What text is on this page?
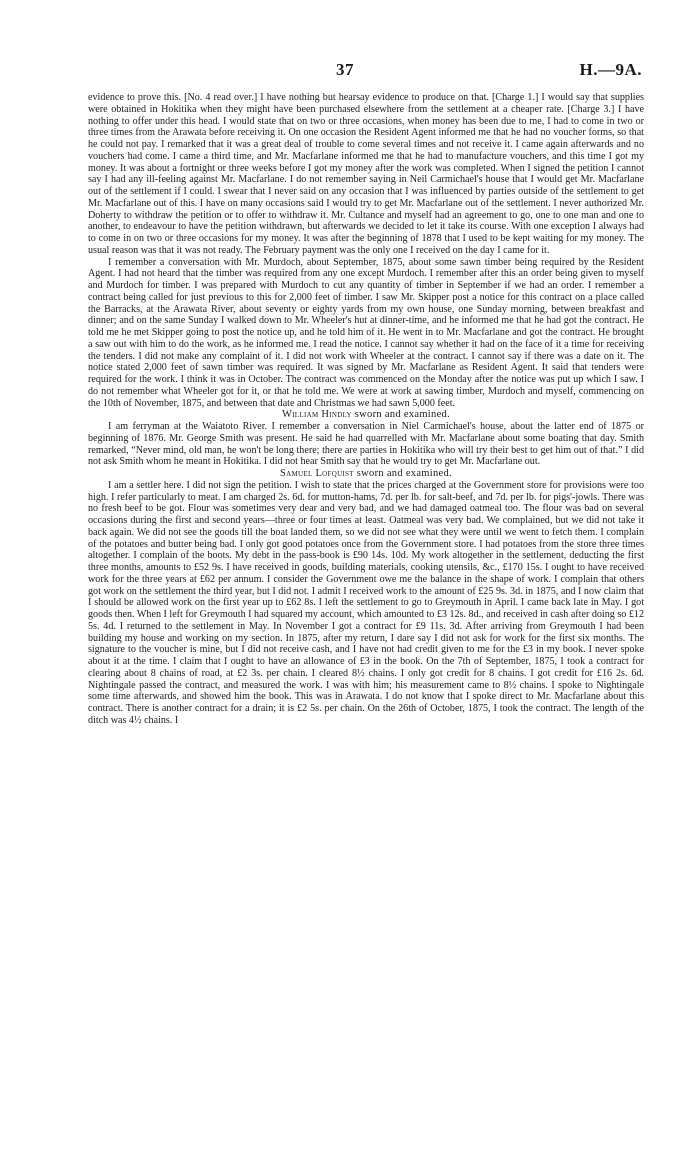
37	H.—9A.

evidence to prove this. [No. 4 read over.] I have nothing but hearsay evidence to produce on that. [Charge 1.] I would say that supplies were obtained in Hokitika when they might have been purchased elsewhere from the settlement at a cheaper rate. [Charge 3.] I have nothing to offer under this head. I would state that on two or three occasions, when money has been due to me, I had to come in two or three times from the Arawata before receiving it. On one occasion the Resident Agent informed me that he had no voucher forms, so that he could not pay. I remarked that it was a great deal of trouble to come several times and not receive it. I came again afterwards and no vouchers had come. I came a third time, and Mr. Macfarlane informed me that he had to manufacture vouchers, and this time I got my money. It was about a fortnight or three weeks before I got my money after the work was completed. When I signed the petition I cannot say I had any ill-feeling against Mr. Macfarlane. I do not remember saying in Neil Carmichael's house that I would get Mr. Macfarlane out of the settlement if I could. I swear that I never said on any occasion that I was influenced by parties outside of the settlement to get Mr. Macfarlane out of this. I have on many occasions said I would try to get Mr. Macfarlane out of the settlement. I never authorized Mr. Doherty to withdraw the petition or to offer to withdraw it. Mr. Cultance and myself had an agreement to go, one to one man and one to another, to endeavour to have the petition withdrawn, but afterwards we decided to let it take its course. With one exception I always had to come in on two or three occasions for my money. It was after the beginning of 1878 that I used to be kept waiting for my money. The usual reason was that it was not ready. The February payment was the only one I received on the day I came for it.

I remember a conversation with Mr. Murdoch, about September, 1875, about some sawn timber being required by the Resident Agent. I had not heard that the timber was required from any one except Murdoch. I remember after this an order being given to myself and Murdoch for timber. I was prepared with Murdoch to cut any quantity of timber in September if we had an order. I remember a contract being called for just previous to this for 2,000 feet of timber. I saw Mr. Skipper post a notice for this contract on a place called the Barracks, at the Arawata River, about seventy or eighty yards from my own house, one Sunday morning, between breakfast and dinner; and on the same Sunday I walked down to Mr. Wheeler's hut at dinner-time, and he informed me that he had got the contract. He told me he met Skipper going to post the notice up, and he told him of it. He went in to Mr. Macfarlane and got the contract. He brought a saw out with him to do the work, as he informed me. I read the notice. I cannot say whether it had on the face of it a time for receiving the tenders. I did not make any complaint of it. I did not work with Wheeler at the contract. I cannot say if there was a date on it. The notice stated 2,000 feet of sawn timber was required. It was signed by Mr. Macfarlane as Resident Agent. It said that tenders were required for the work. I think it was in October. The contract was commenced on the Monday after the notice was put up which I saw. I do not remember what Wheeler got for it, or that he told me. We were at work at sawing timber, Murdoch and myself, commencing on the 10th of November, 1875, and between that date and Christmas we had sawn 5,000 feet.

William Hindly sworn and examined.

I am ferryman at the Waiatoto River. I remember a conversation in Niel Carmichael's house, about the latter end of 1875 or beginning of 1876. Mr. George Smith was present. He said he had quarrelled with Mr. Macfarlane about some boating that day. Smith remarked, “Never mind, old man, he won't be long there; there are parties in Hokitika who will try their best to get him out of that.” I did not ask Smith whom he meant in Hokitika. I did not hear Smith say that he would try to get Mr. Macfarlane out.

Samuel Lofquist sworn and examined.

I am a settler here. I did not sign the petition. I wish to state that the prices charged at the Government store for provisions were too high. I refer particularly to meat. I am charged 2s. 6d. for mutton-hams, 7d. per lb. for salt-beef, and 7d. per lb. for pigs'-jowls. There was no fresh beef to be got. Flour was sometimes very dear and very bad, and we had damaged oatmeal too. The flour was bad on several occasions during the first and second years—three or four times at least. Oatmeal was very bad. We complained, but we did not take it back again. We did not see the goods till the boat landed them, so we did not see what they were until we went to fetch them. I complain of the potatoes and butter being bad. I only got good potatoes once from the Government store. I had potatoes from the store three times altogether. I complain of the boots. My debt in the pass-book is £90 14s. 10d. My work altogether in the settlement, deducting the first three months, amounts to £52 9s. I have received in goods, building materials, cooking utensils, &c., £170 15s. I ought to have received work for the three years at £62 per annum. I consider the Government owe me the balance in the shape of work. I complain that others got work on the settlement the third year, but I did not. I admit I received work to the amount of £25 9s. 3d. in 1875, and I now claim that I should be allowed work on the first year up to £62 8s. I left the settlement to go to Greymouth in April. I came back late in May. I got goods then. When I left for Greymouth I had squared my account, which amounted to £3 12s. 8d., and received in cash after doing so £12 5s. 4d. I returned to the settlement in May. In November I got a contract for £9 11s. 3d. After arriving from Greymouth I had been building my house and working on my section. In 1875, after my return, I dare say I did not ask for work for the first six months. The signature to the voucher is mine, but I did not receive cash, and I have not had credit given to me for the £3 in my book. I never spoke about it at the time. I claim that I ought to have an allowance of £3 in the book. On the 7th of September, 1875, I took a contract for clearing about 8 chains of road, at £2 3s. per chain. I cleared 8½ chains. I only got credit for 8 chains. I got credit for £16 2s. 6d. Nightingale passed the contract, and measured the work. I was with him; his measurement came to 8½ chains. I spoke to Nightingale some time afterwards, and showed him the book. This was in Arawata. I do not know that I spoke direct to Mr. Macfarlane about this contract. There is another contract for a drain; it is £2 5s. per chain. On the 26th of October, 1875, I took the contract. The length of the ditch was 4½ chains. I
